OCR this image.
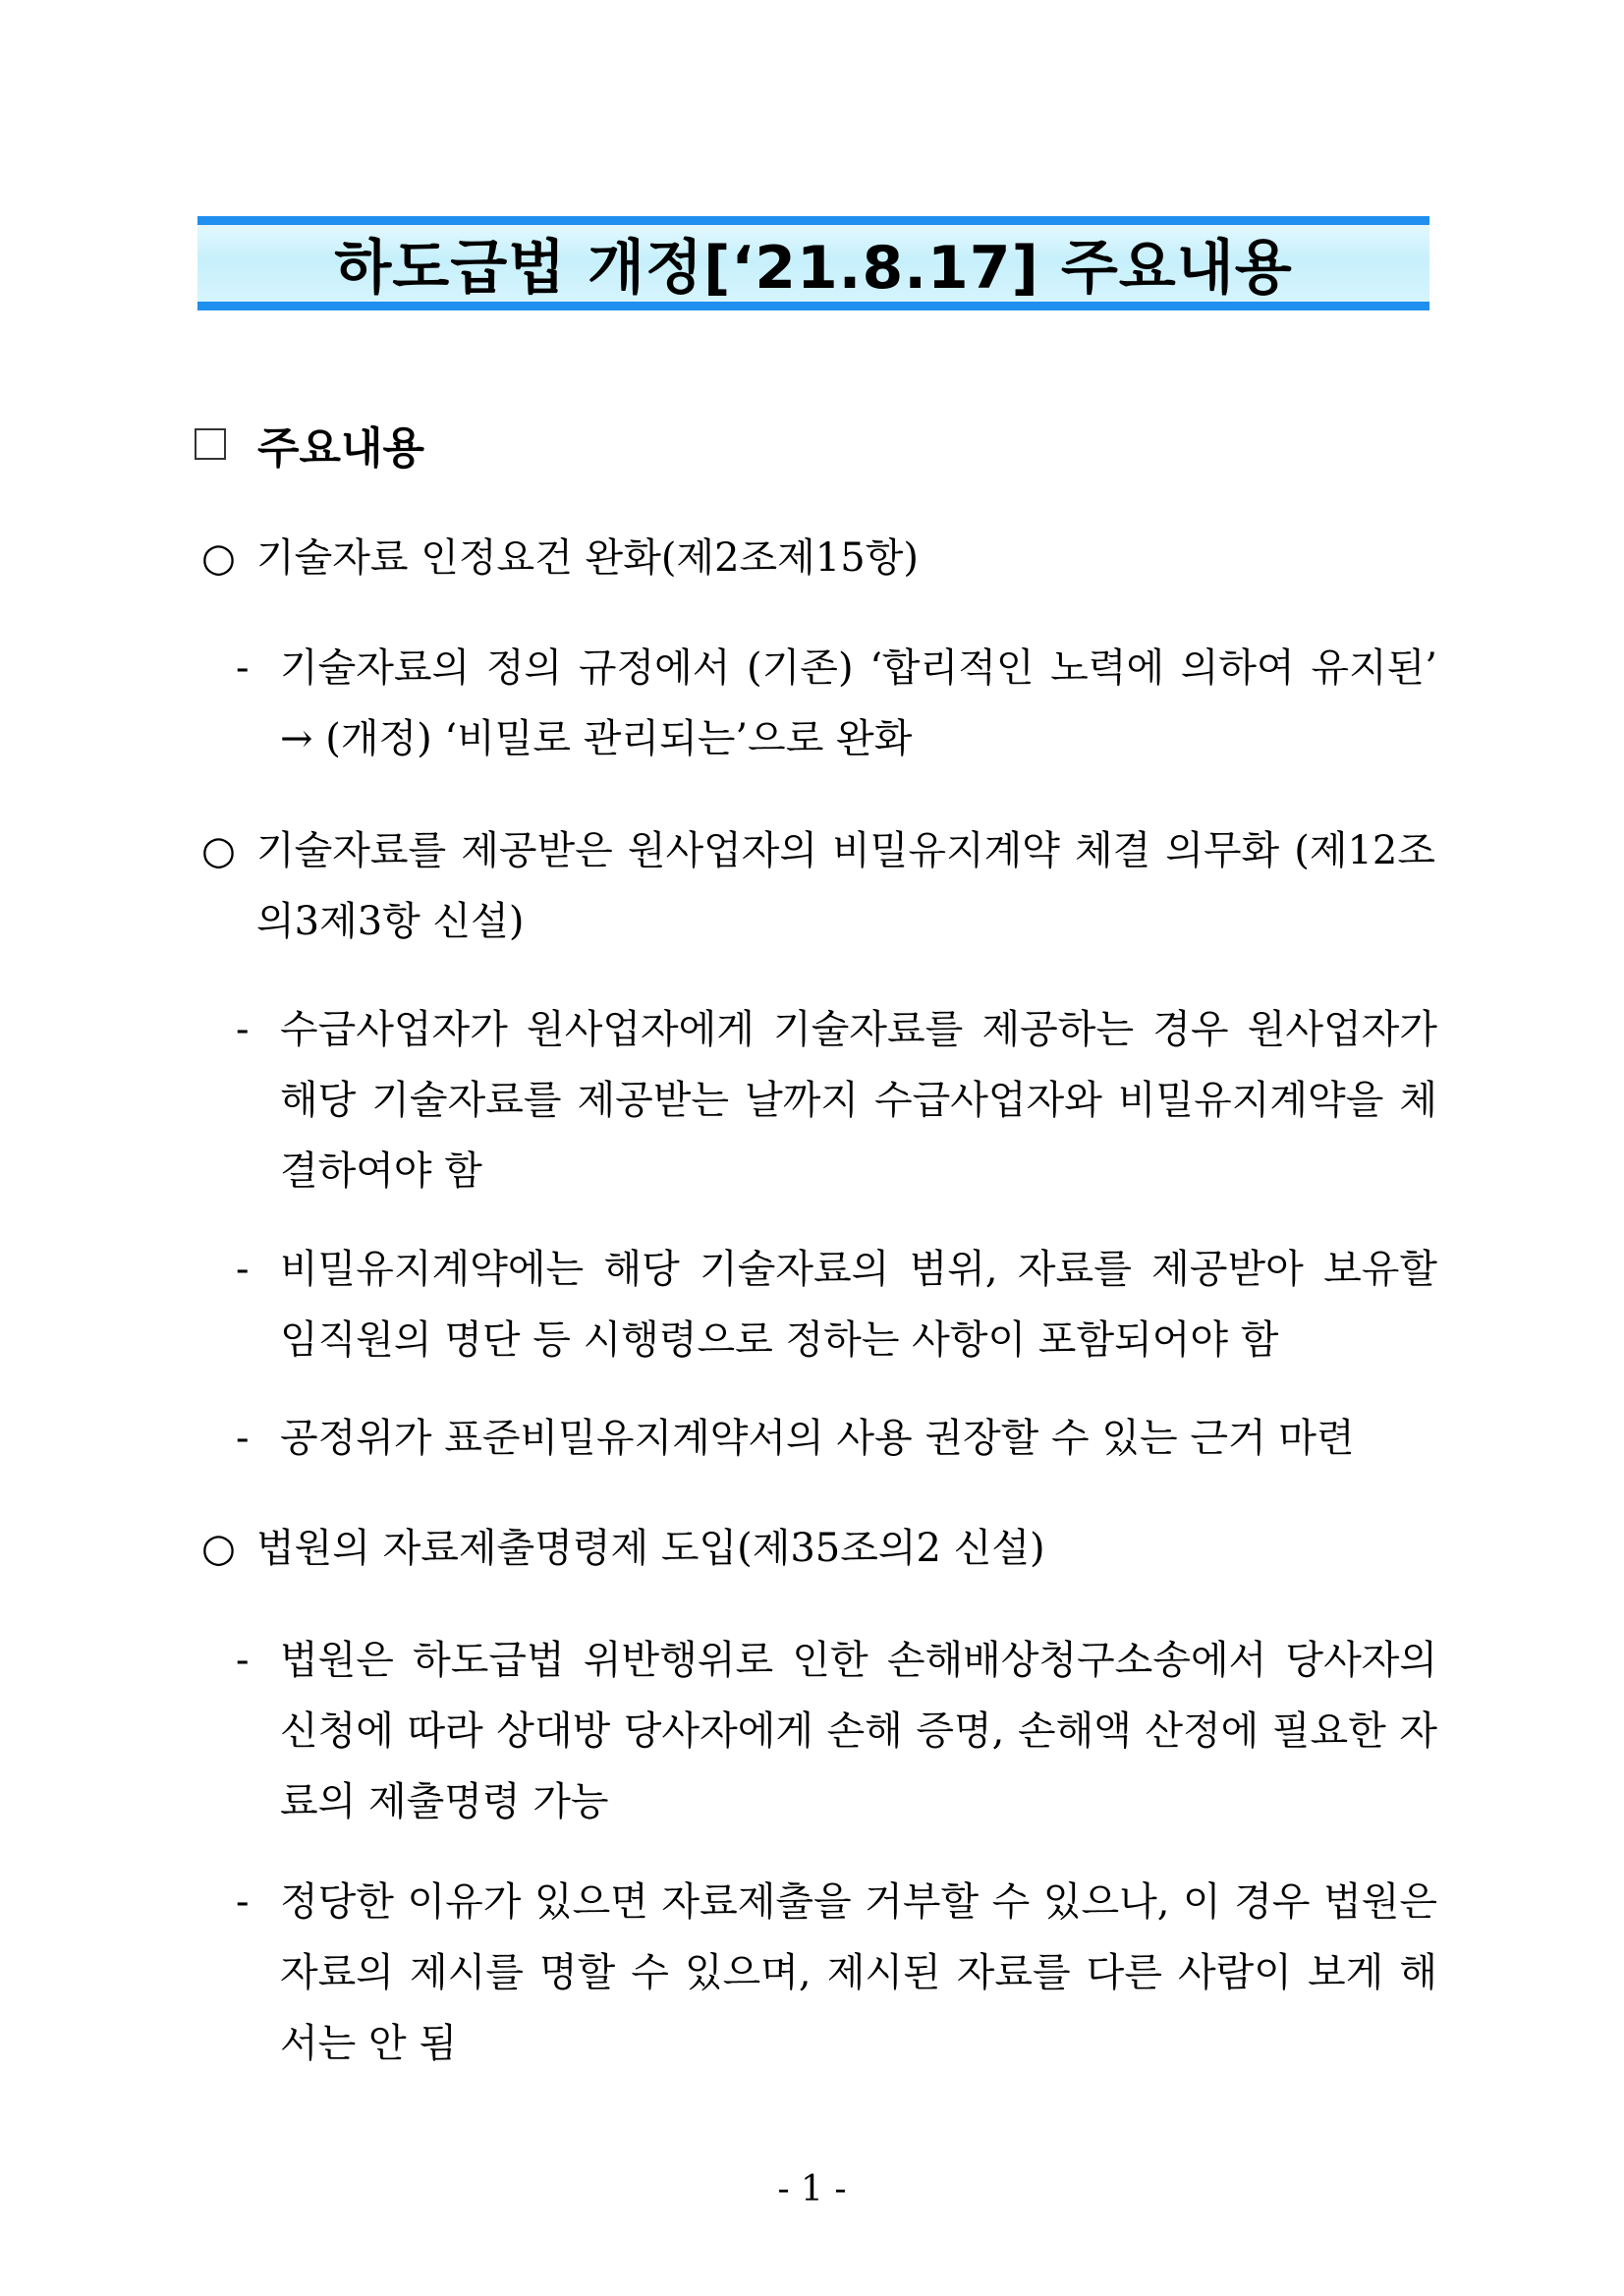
하도급법 개정[‘21.8.17] 주요내용
주요내용
○ 기술자료 인정요건 완화(제2조제15항)
- 기술자료의 정의 규정에서 (기존) ‘합리적인 노력에 의하여 유지된’ → (개정) ‘비밀로 관리되는’으로 완화
○ 기술자료를 제공받은 원사업자의 비밀유지계약 체결 의무화 (제12조의3제3항 신설)
- 수급사업자가 원사업자에게 기술자료를 제공하는 경우 원사업자가 해당 기술자료를 제공받는 날까지 수급사업자와 비밀유지계약을 체결하여야 함
- 비밀유지계약에는 해당 기술자료의 범위, 자료를 제공받아 보유할 임직원의 명단 등 시행령으로 정하는 사항이 포함되어야 함
- 공정위가 표준비밀유지계약서의 사용 권장할 수 있는 근거 마련
○ 법원의 자료제출명령제 도입(제35조의2 신설)
- 법원은 하도급법 위반행위로 인한 손해배상청구소송에서 당사자의 신청에 따라 상대방 당사자에게 손해 증명, 손해액 산정에 필요한 자료의 제출명령 가능
- 정당한 이유가 있으면 자료제출을 거부할 수 있으나, 이 경우 법원은 자료의 제시를 명할 수 있으며, 제시된 자료를 다른 사람이 보게 해서는 안 됨
- 1 -
